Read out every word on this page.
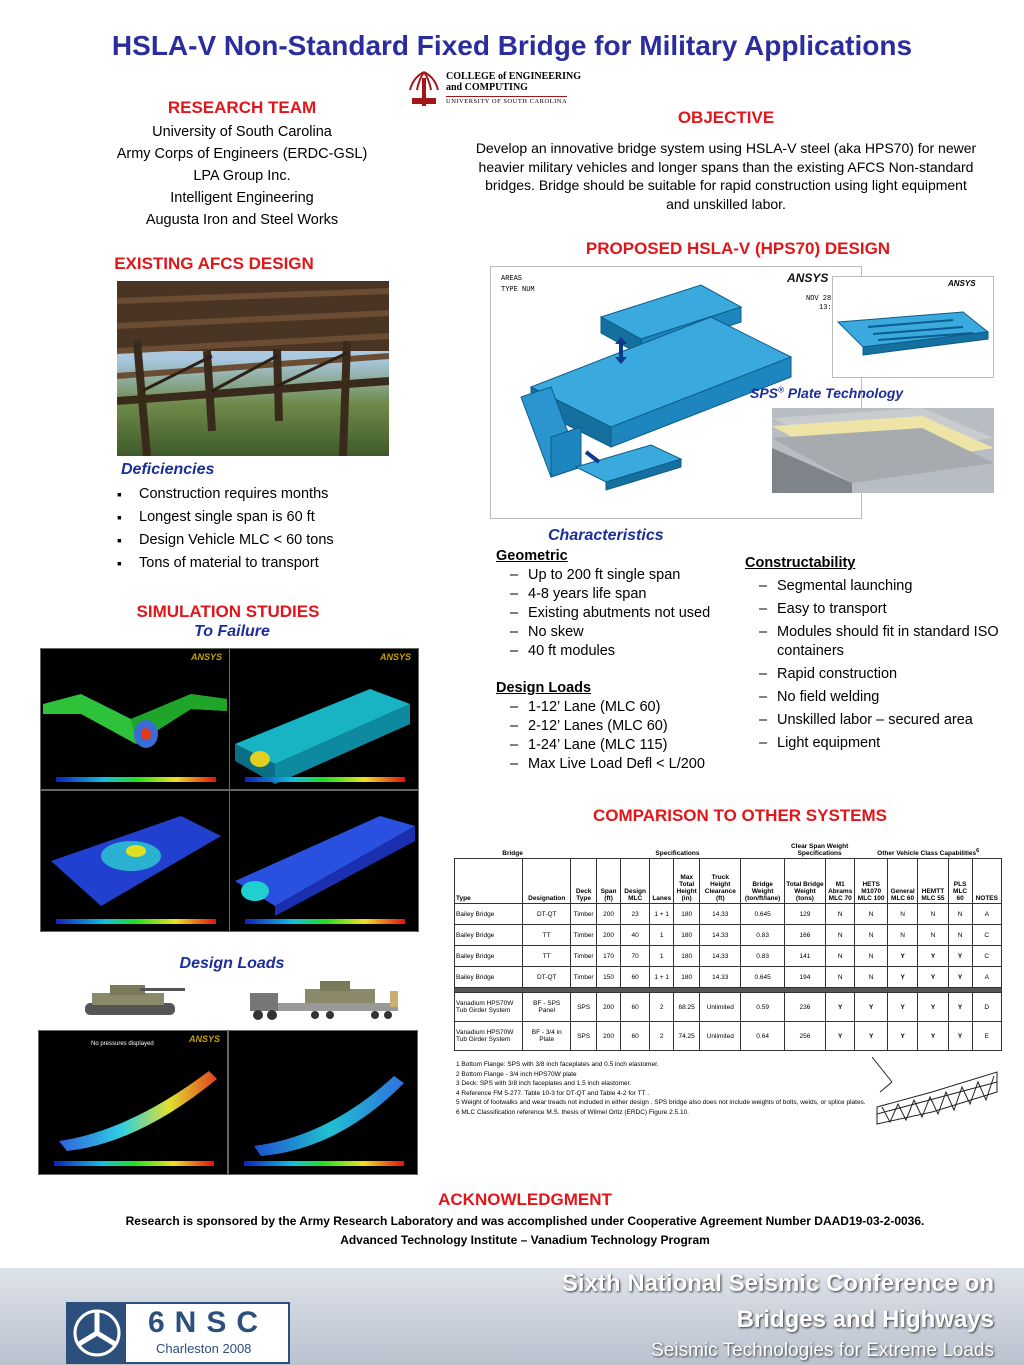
HSLA-V Non-Standard Fixed Bridge for Military Applications
COLLEGE of ENGINEERING
and COMPUTING
UNIVERSITY OF SOUTH CAROLINA
RESEARCH TEAM
University of South Carolina
Army Corps of Engineers (ERDC-GSL)
LPA Group Inc.
Intelligent Engineering
Augusta Iron and Steel Works
OBJECTIVE
Develop an innovative bridge system using HSLA-V steel (aka HPS70) for newer heavier military vehicles and longer spans than the existing AFCS Non-standard bridges. Bridge should be suitable for rapid construction using light equipment and unskilled labor.
EXISTING AFCS DESIGN
Deficiencies
▪ Construction requires months
▪ Longest single span is 60 ft
▪ Design Vehicle MLC < 60 tons
▪ Tons of material to transport
PROPOSED HSLA-V (HPS70) DESIGN
AREAS
TYPE NUM
ANSYS
NOV 28
13:
ANSYS
SPS® Plate Technology
Characteristics
Geometric
– Up to 200 ft single span
– 4-8 years life span
– Existing abutments not used
– No skew
– 40 ft modules
Design Loads
– 1-12’ Lane (MLC 60)
– 2-12’ Lanes (MLC 60)
– 1-24’ Lane (MLC 115)
– Max Live Load Defl < L/200
Constructability
– Segmental launching
– Easy to transport
– Modules should fit in standard ISO containers
– Rapid construction
– No field welding
– Unskilled labor – secured area
– Light equipment
SIMULATION STUDIES
To Failure
ANSYS	ANSYS
Design Loads
No pressures displayed	ANSYS
COMPARISON TO OTHER SYSTEMS
Bridge		Specifications							Clear Span Weight
Specifications		Other Vehicle Class Capabilities$^6$
Type	Designation	Deck Type	Span (ft)	Design MLC	Lanes	Max Total Height (in)	Truck Height Clearance (ft)	Bridge Weight (ton/ft/lane)	Total Bridge Weight (tons)	M1 Abrams MLC 70	HETS M1070 MLC 100	General MLC 60	HEMTT MLC 55	PLS MLC 60	NOTES
Bailey Bridge	DT-QT	Timber	200	23	1 + 1	180	14.33	0.645	129	N	N	N	N	N	A
Bailey Bridge	TT	Timber	200	40	1	180	14.33	0.83	166	N	N	N	N	N	C
Bailey Bridge	TT	Timber	170	70	1	180	14.33	0.83	141	N	N	Y	Y	Y	C
Bailey Bridge	DT-QT	Timber	150	60	1 + 1	180	14.33	0.645	194	N	N	Y	Y	Y	A

Vanadium HPS70W Tub Girder System	BF - SPS Panel	SPS	200	60	2	68.25	Unlimited	0.59	236	Y	Y	Y	Y	Y	D
Vanadium HPS70W Tub Girder System	BF - 3/4 in Plate	SPS	200	60	2	74.25	Unlimited	0.64	256	Y	Y	Y	Y	Y	E
1 Bottom Flange: SPS with 3/8 inch faceplates and 0.5 inch elastomer.
2 Bottom Flange - 3/4 inch HPS70W plate
3 Deck: SPS with 3/8 inch faceplates and 1.5 inch elastomer.
4 Reference FM 5-277. Table 10-3 for DT-QT and Table 4-2 for TT .
5 Weight of footwalks and wear treads not included in either design . SPS bridge also does not include weights of bolts, welds, or splice plates.
6 MLC Classification reference M.S. thesis of Wilmel Ortiz (ERDC) Figure 2.5.10.
ACKNOWLEDGMENT
Research is sponsored by the Army Research Laboratory and was accomplished under Cooperative Agreement Number DAAD19-03-2-0036.
Advanced Technology Institute – Vanadium Technology Program
6NSC
Charleston 2008
Sixth National Seismic Conference on
Bridges and Highways
Seismic Technologies for Extreme Loads
